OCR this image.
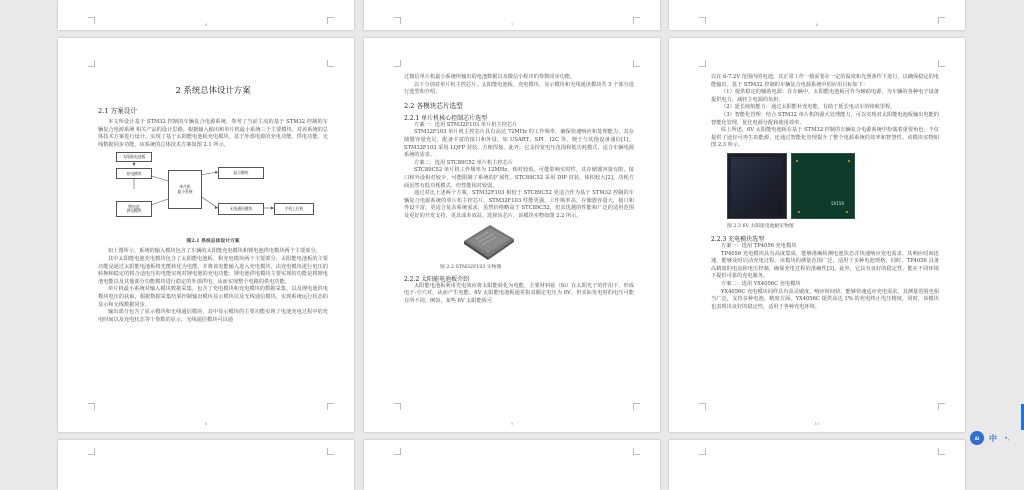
6	7	8

2 系统总体设计方案

2.1 方案设计

本文所设计基于 STM32 控制的车辆复合电源系统，参考了当前主流的基于 STM32 控制的车辆复合电源系统 相关产品的设计思路，根据输入输出和单片机最小系统三个主要模块，对该系统的总体技术方案进行设计。实现了基于太阳能电池板充电模块、基于外部电源的充电功能、供电功能、无线数据同步功能，该系统的总体技术方案如图 2.1 所示。

太阳能电池板
充电模块
锂电池
供电模块
单片机
最小系统
显示模块
无线通讯模块	手机上位机

图2.1 系统总体设计方案

如上图所示，系统的输入模块包含了车辆的太阳能充电模块和锂电池供电模块两个主要部分。

其中太阳能电池充电模块包含了太阳能电池板、和充电模块两个主要部分，太阳能电池板的主要功能是通过太阳能电池板将光能转化为电能，并将该电能输入进入充电模块，由充电模块进行电压的转换和稳定的将合适电压的电能实现对锂电池的充电功能；锂电池供电模块主要实现的功能是将锂电池电能以及其他部分功能模块进行稳定的外部供电，从而实现整个电路的供电功能。

单片机最小系统对输入模块数据采集，包含了充电模块和充电模块的数据采集，以及锂电池供电模块电压的获取，根据数据采集结果控制输出模块显示模块以及无线通信模块，实现系统运行状态的显示和无线数据同步。

输出部分包含了显示模块和无线通信模块，其中显示模块的主要功能实现了电池充电过程中的充电时间以及充电状态等个参数的显示，无线通信模块可以通

8

过微信单片机最小系统所输出的电池数据以及微信小程序的参数同步功能。

以下分别对单片机主控芯片、太阳能电池板、充电模块、显示模块和无线通讯模块共 5 个部分进行选型和介绍。

2.2 各模块芯片选型

2.2.1 单片机核心控制芯片选型

方案一：选用 STM32F103 单片机主控芯片

STM32F103 单片机主控芯片具有高达 72MHz 的工作频率，确保快速响应和处理能力，其存储器容量充足，配备丰富的接口和外设，如 USART、SPI、I2C 等，便于与其他设备通信[1]。STM32F103 采用 LQFP 封装，方便焊接。此外，它支持宽电压范围和低功耗模式，适合车辆电源系统的需求。

方案二：选用 STC89C52 单片机主控芯片

STC89C52 单片机工作频率为 12MHz，相对较低，可能影响实时性，其存储器容量有限，接口和外设相对较少，可能限制了系统的扩展性。STC89C52 采用 DIP 封装，体积较大[2]，功耗方面虽然有低功耗模式，但性能相对较弱。

通过对比上述两个方案，STM32F103 相较于 STC89C52 更适合作为基于 STM32 控制的车辆复合电源系统的单片机主控芯片，STM32F103 性能更强，工作频率高，存储器容量大，接口和外设丰富，更适合复杂系统需求，虽然价格略高于 STC89C52，但其优越的性能和广泛的适用范围及更好的开发支持，更具成本效益。选择该芯片，该模块实物如图 2.2 所示。

图 2.2 STM32F103 实物图

2.2.2 太阳能电池板介绍

太阳能电池板利用光电效应将太阳能转化为电能，主要材料硅（Si）在太阳光子的作用下，形成电子-空穴对，从而产生电能。6V 太阳能电池板通常指其额定电压为 6V，但实际发电时的电压可能有所不同，例如，某些 6V 太阳能板可

9

以在 6-7.2V 范围内的电池，其正常工作一般需要在一定的温度和光照条件下进行，以确保稳定的电能输出。基于 STM32 控制的车辆复合电源系统中的应用目标如下：

（1）提供稳定的辅助电源：在车辆中，太阳能电池板可作为辅助电源，为车辆的各种电子设备提供电力，减轻主电源的负担。

（2）延长续航能力：通过太阳能补充电能，有助于延长电动车的续航里程。

（3）智能化管理：结合 STM32 单片机的强大处理能力，可以实现对太阳能电池板输出电能的智能化管理，优化电源分配和使用效率。

综上所述，6V 太阳能电池板在基于 STM32 控制的车辆复合电源系统中扮演着重要角色，不仅提供了途径可再生的能源，还通过智能化管理提升了整个电源系统的效率和智慧性。该模块实物如图 2.3 所示。

5V150

图 2.3 6V 太阳能电池板实物图

2.2.3 充电模块选型

方案一：选用 TP4056 充电模块

TP4056 充电模块具有高度集成，能够准确检测电池状态并快速响应充电需求，其响应时间迅速，能够及时启动充电过程。该模块的测量范围广泛，适用于多种电池规格，同时，TP4056 具备高精度的电流和电压控制，确保充电过程的准确性[3]。此外，它具有良好的稳定性，能在不同环境下提供可靠的充电服务。

方案二：选用 YX4056C 充电模块

YX4056C 充电模块同样具有高灵敏度，响应时间快，能够快速适应充电需求，其测量范围也相当广泛，支持多种电池。精度方面，YX4056C 提供高达 1% 的充电终止电压精度，同时，该模块也表现出良好的稳定性，适用于各种充电环境。

10
AI	中	•,
